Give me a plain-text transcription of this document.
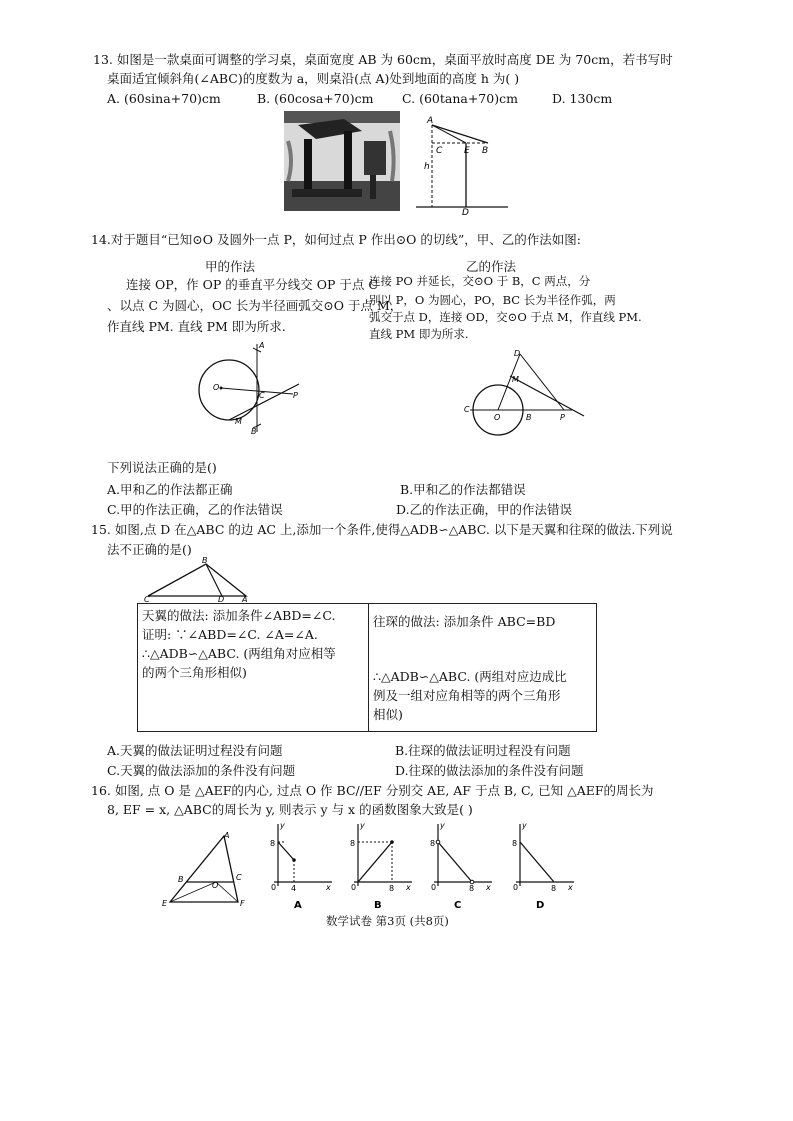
13. 如图是一款桌面可调整的学习桌，桌面宽度 AB 为 60cm，桌面平放时高度 DE 为 70cm，若书写时
桌面适宜倾斜角(∠ABC)的度数为 a，则桌沿(点 A)处到地面的高度 h 为( )
A. (60sina+70)cm	B. (60cosa+70)cm C. (60tana+70)cm	D. 130cm
A
C E B
h
D
14.对于题目“已知⊙O 及圆外一点 P，如何过点 P 作出⊙O 的切线”，甲、乙的作法如图:
甲的作法	乙的作法
连接 OP，作 OP 的垂直平分线交 OP 于点 C
、以点 C 为圆心，OC 长为半径画弧交⊙O 于点 M，
作直线 PM. 直线 PM 即为所求.
连接 PO 并延长，交⊙O 于 B，C 两点，分
别以 P，O 为圆心，PO，BC 长为半径作弧，两
弧交于点 D，连接 OD，交⊙O 于点 M，作直线 PM.
直线 PM 即为所求.
A
O
C	P
M
B
D
M
C
O	B	P
下列说法正确的是()
A.甲和乙的作法都正确	B.甲和乙的作法都错误
C.甲的作法正确，乙的作法错误	D.乙的作法正确，甲的作法错误
15. 如图,点 D 在△ABC 的边 AC 上,添加一个条件,使得△ADB∽△ABC. 以下是天翼和往琛的做法.下列说
法不正确的是()
B
C	D A
天翼的做法: 添加条件∠ABD=∠C.
证明: ∵∠ABD=∠C. ∠A=∠A.
∴△ADB∽△ABC. (两组角对应相等
的两个三角形相似)

往琛的做法: 添加条件 ABC=BD
∴△ADB∽△ABC. (两组对应边成比
例及一组对应角相等的两个三角形
相似)
A.天翼的做法证明过程没有问题	B.往琛的做法证明过程没有问题
C.天翼的做法添加的条件没有问题	D.往琛的做法添加的条件没有问题
16. 如图, 点 O 是 △AEF的内心, 过点 O 作 BC//EF 分别交 AE, AF 于点 B, C, 已知 △AEF的周长为
8, EF = x, △ABC的周长为 y, 则表示 y 与 x 的函数图象大致是( )
A
B
O
C
E	F
y
8
0 4	x
A
y
8
0	8 x
B
y
8
0	8 x
C
y
8
0	8 x
D
数学试卷 第3页 (共8页)
